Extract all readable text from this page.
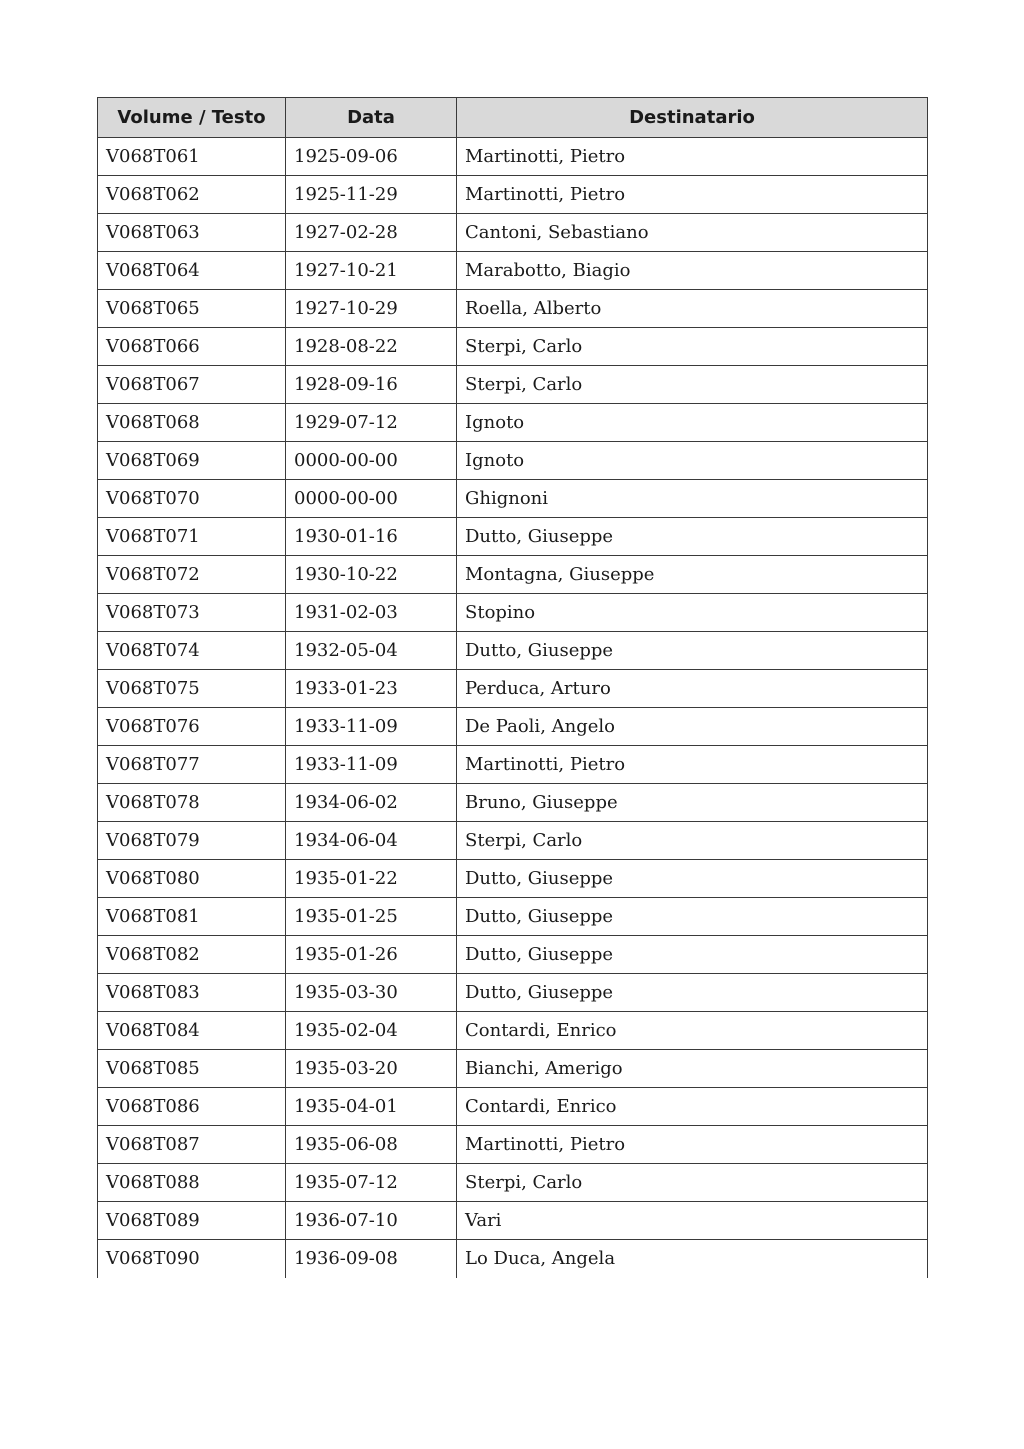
Volume / Testo	Data	Destinatario
V068T061	1925-09-06	Martinotti, Pietro
V068T062	1925-11-29	Martinotti, Pietro
V068T063	1927-02-28	Cantoni, Sebastiano
V068T064	1927-10-21	Marabotto, Biagio
V068T065	1927-10-29	Roella, Alberto
V068T066	1928-08-22	Sterpi, Carlo
V068T067	1928-09-16	Sterpi, Carlo
V068T068	1929-07-12	Ignoto
V068T069	0000-00-00	Ignoto
V068T070	0000-00-00	Ghignoni
V068T071	1930-01-16	Dutto, Giuseppe
V068T072	1930-10-22	Montagna, Giuseppe
V068T073	1931-02-03	Stopino
V068T074	1932-05-04	Dutto, Giuseppe
V068T075	1933-01-23	Perduca, Arturo
V068T076	1933-11-09	De Paoli, Angelo
V068T077	1933-11-09	Martinotti, Pietro
V068T078	1934-06-02	Bruno, Giuseppe
V068T079	1934-06-04	Sterpi, Carlo
V068T080	1935-01-22	Dutto, Giuseppe
V068T081	1935-01-25	Dutto, Giuseppe
V068T082	1935-01-26	Dutto, Giuseppe
V068T083	1935-03-30	Dutto, Giuseppe
V068T084	1935-02-04	Contardi, Enrico
V068T085	1935-03-20	Bianchi, Amerigo
V068T086	1935-04-01	Contardi, Enrico
V068T087	1935-06-08	Martinotti, Pietro
V068T088	1935-07-12	Sterpi, Carlo
V068T089	1936-07-10	Vari
V068T090	1936-09-08	Lo Duca, Angela
